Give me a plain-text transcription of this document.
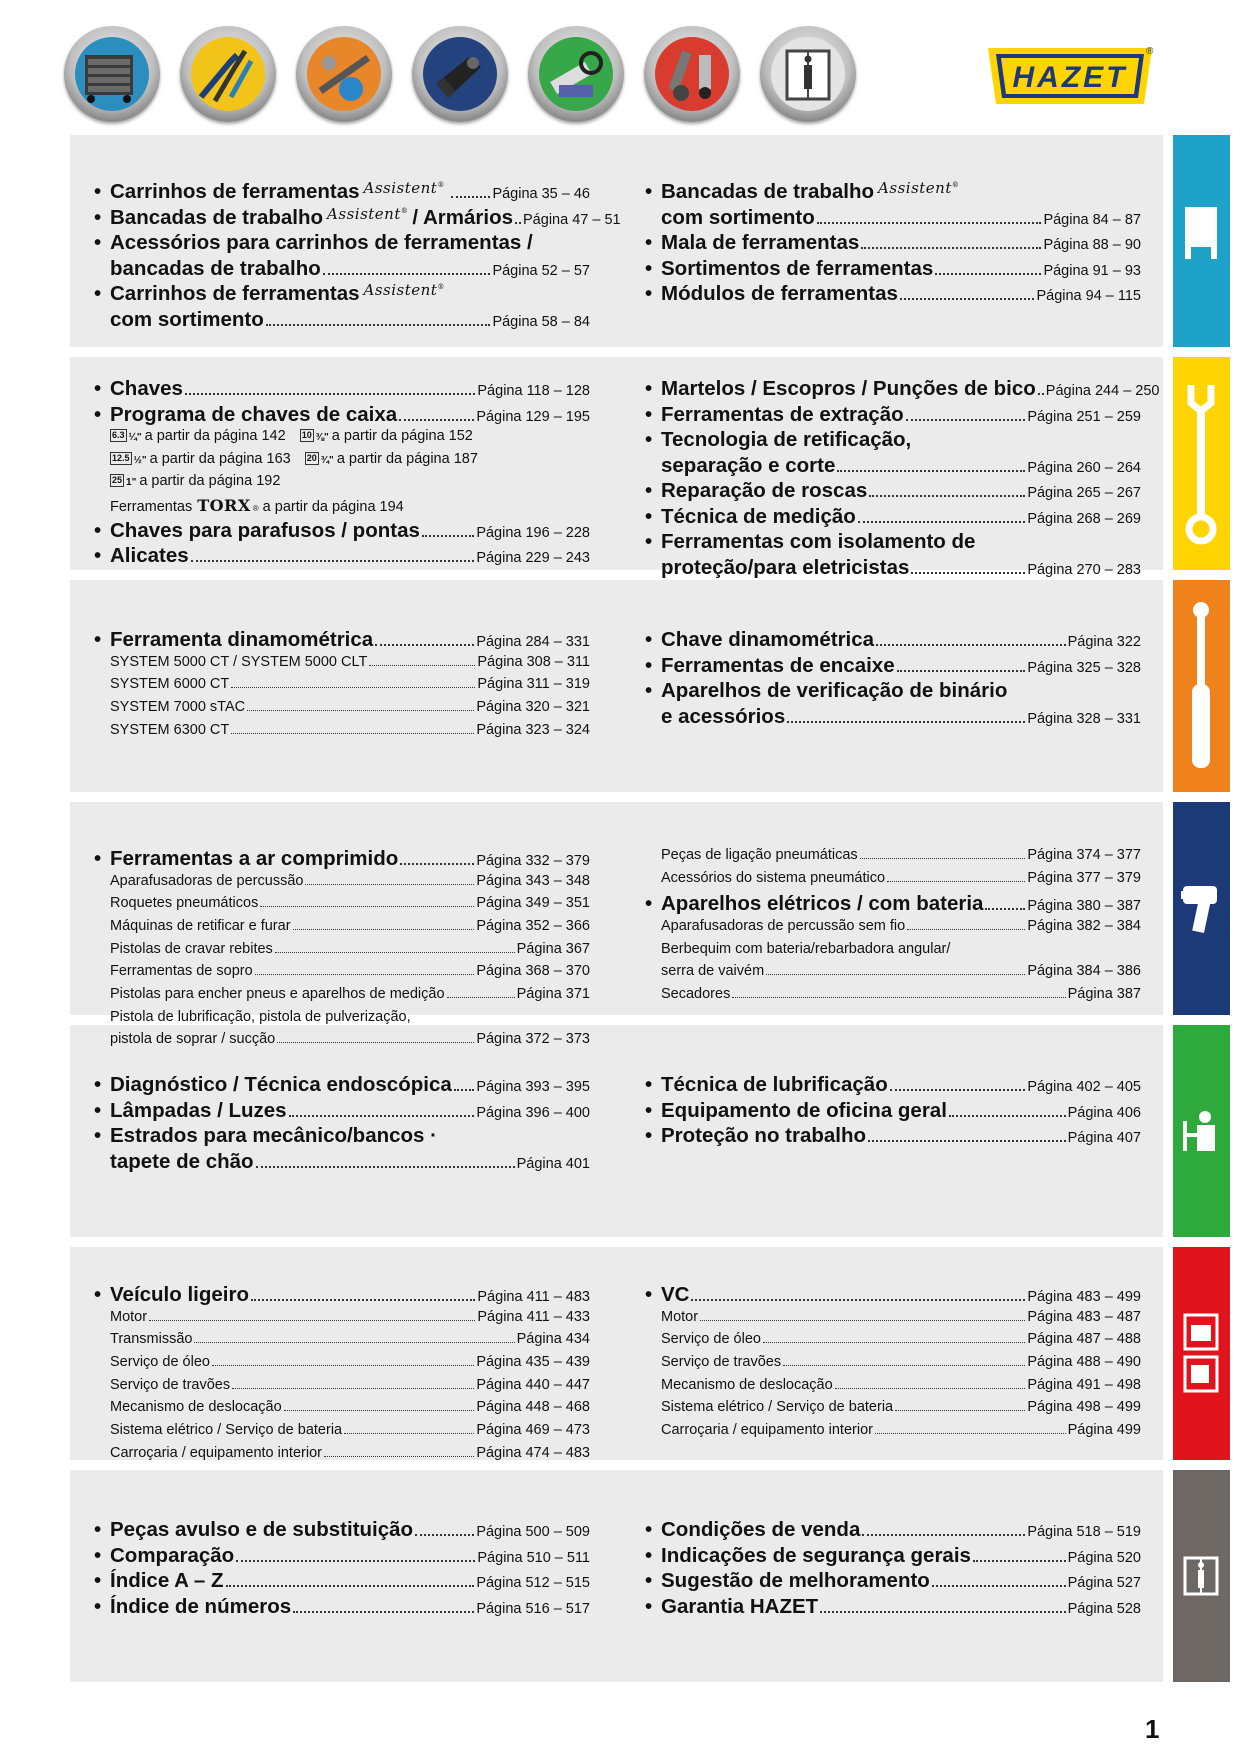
HAZET
®
• Carrinhos de ferramentas Assistent®
Página 35 – 46
• Bancadas de trabalho Assistent® / Armários Página 47 – 51
• Acessórios para carrinhos de ferramentas /
bancadas de trabalho	Página 52 – 57
• Carrinhos de ferramentas Assistent®
com sortimento	Página 58 – 84
• Bancadas de trabalho Assistent®
com sortimento	Página 84 – 87
• Mala de ferramentas	Página 88 – 90
• Sortimentos de ferramentas	Página 91 – 93
• Módulos de ferramentas	Página 94 – 115
• Chaves	Página 118 – 128
• Programa de chaves de caixa	Página 129 – 195
6.3 ¼" a partir da página 142 10 ⅜" a partir da página 152
12.5 ½" a partir da página 163 20 ¾" a partir da página 187
25 1" a partir da página 192
Ferramentas TORX $_®$ a partir da página 194
• Chaves para parafusos / pontas	Página 196 – 228
• Alicates	Página 229 – 243
• Martelos / Escopros / Punções de bico Página 244 – 250
• Ferramentas de extração	Página 251 – 259
• Tecnologia de retificação,
separação e corte	Página 260 – 264
• Reparação de roscas	Página 265 – 267
• Técnica de medição	Página 268 – 269
• Ferramentas com isolamento de
proteção/para eletricistas	Página 270 – 283
• Ferramenta dinamométrica	Página 284 – 331
SYSTEM 5000 CT / SYSTEM 5000 CLT	Página 308 – 311
SYSTEM 6000 CT	Página 311 – 319
SYSTEM 7000 sTAC	Página 320 – 321
SYSTEM 6300 CT	Página 323 – 324
• Chave dinamométrica	Página 322
• Ferramentas de encaixe	Página 325 – 328
• Aparelhos de verificação de binário
e acessórios	Página 328 – 331
• Ferramentas a ar comprimido	Página 332 – 379
Aparafusadoras de percussão	Página 343 – 348
Roquetes pneumáticos	Página 349 – 351
Máquinas de retificar e furar	Página 352 – 366
Pistolas de cravar rebites	Página 367
Ferramentas de sopro	Página 368 – 370
Pistolas para encher pneus e aparelhos de medição	Página 371
Pistola de lubrificação, pistola de pulverização,
pistola de soprar / sucção	Página 372 – 373
Peças de ligação pneumáticas	Página 374 – 377
Acessórios do sistema pneumático	Página 377 – 379
• Aparelhos elétricos / com bateria	Página 380 – 387
Aparafusadoras de percussão sem fio	Página 382 – 384
Berbequim com bateria/rebarbadora angular/
serra de vaivém	Página 384 – 386
Secadores	Página 387
• Diagnóstico / Técnica endoscópica Página 393 – 395
• Lâmpadas / Luzes	Página 396 – 400
• Estrados para mecânico/bancos ·
tapete de chão	Página 401
• Técnica de lubrificação	Página 402 – 405
• Equipamento de oficina geral	Página 406
• Proteção no trabalho	Página 407
• Veículo ligeiro	Página 411 – 483
Motor	Página 411 – 433
Transmissão	Página 434
Serviço de óleo	Página 435 – 439
Serviço de travões	Página 440 – 447
Mecanismo de deslocação	Página 448 – 468
Sistema elétrico / Serviço de bateria	Página 469 – 473
Carroçaria / equipamento interior	Página 474 – 483
• VC	Página 483 – 499
Motor	Página 483 – 487
Serviço de óleo	Página 487 – 488
Serviço de travões	Página 488 – 490
Mecanismo de deslocação	Página 491 – 498
Sistema elétrico / Serviço de bateria	Página 498 – 499
Carroçaria / equipamento interior	Página 499
• Peças avulso e de substituição	Página 500 – 509
• Comparação	Página 510 – 511
• Índice A – Z	Página 512 – 515
• Índice de números	Página 516 – 517
• Condições de venda	Página 518 – 519
• Indicações de segurança gerais	Página 520
• Sugestão de melhoramento	Página 527
• Garantia HAZET	Página 528
1
